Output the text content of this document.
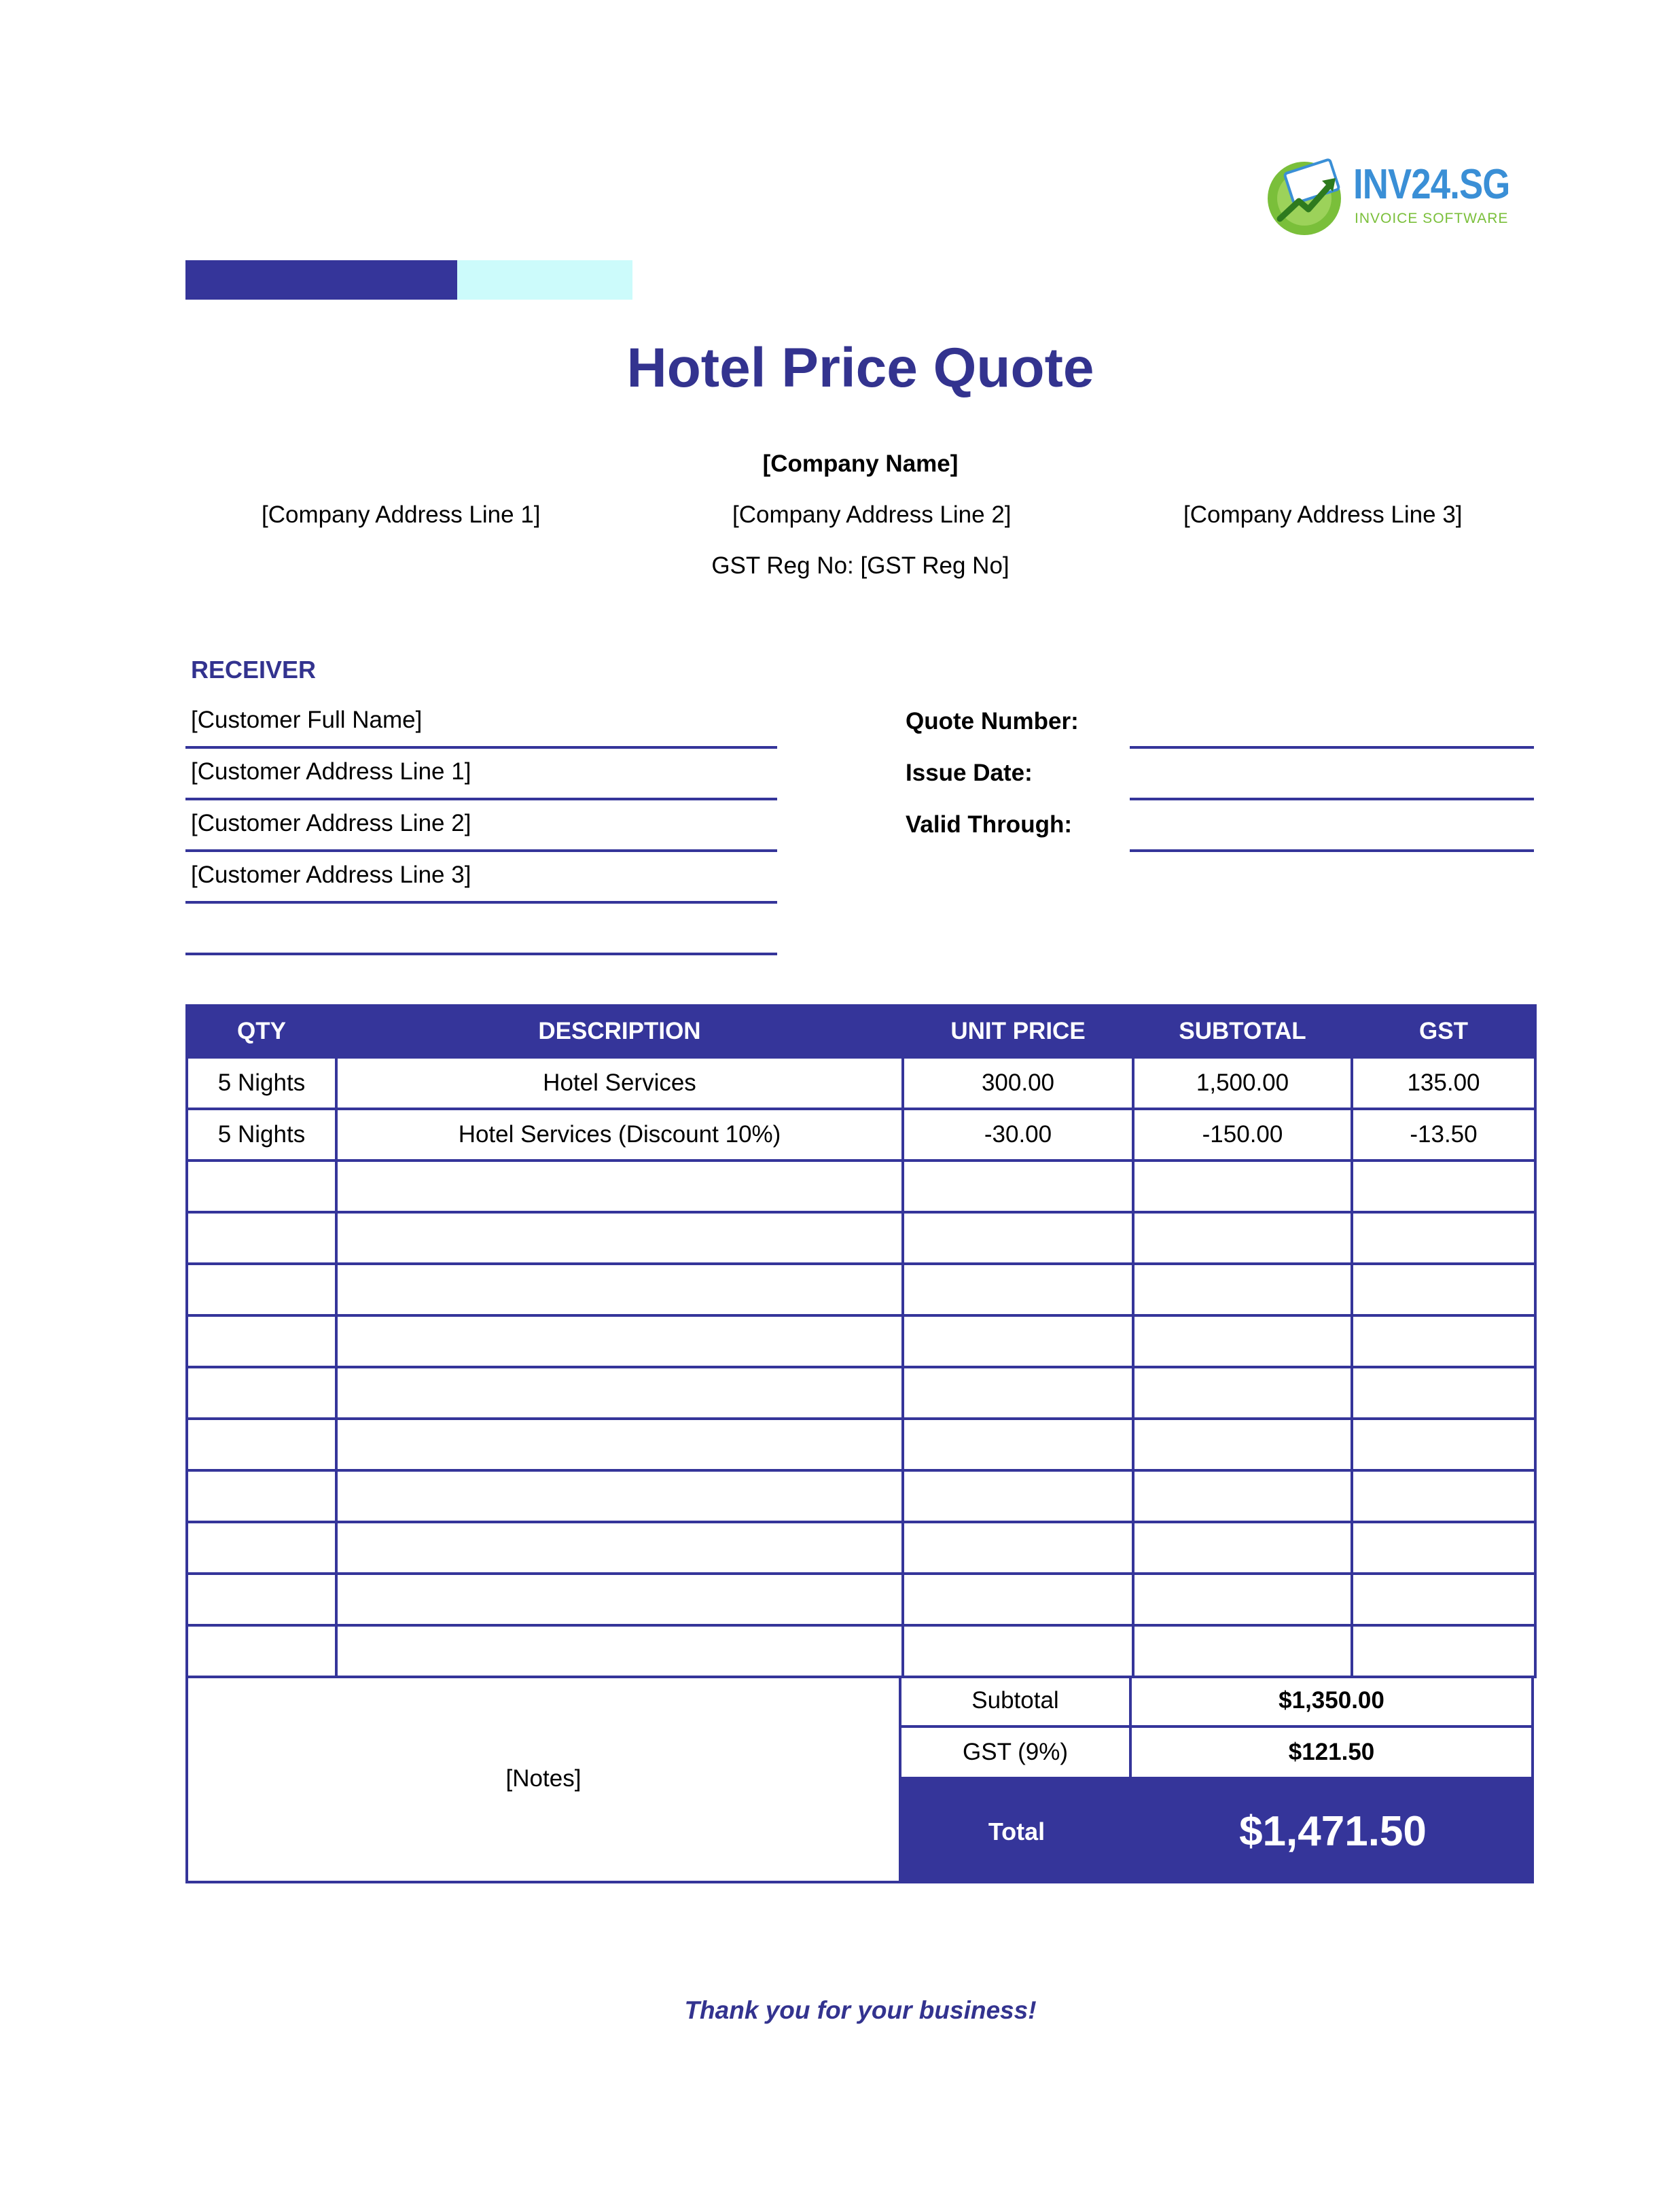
INV24.SG
INVOICE SOFTWARE
Hotel Price Quote
[Company Name]
[Company Address Line 1]	[Company Address Line 2]	[Company Address Line 3]
GST Reg No: [GST Reg No]
RECEIVER
[Customer Full Name]
[Customer Address Line 1]
[Customer Address Line 2]
[Customer Address Line 3]
Quote Number:
Issue Date:
Valid Through:
QTY	DESCRIPTION	UNIT PRICE	SUBTOTAL	GST
5 Nights	Hotel Services	300.00	1,500.00	135.00
5 Nights	Hotel Services (Discount 10%)	-30.00	-150.00	-13.50

[Notes]
Subtotal	$1,350.00
GST (9%)	$121.50
Total	$1,471.50
Thank you for your business!
